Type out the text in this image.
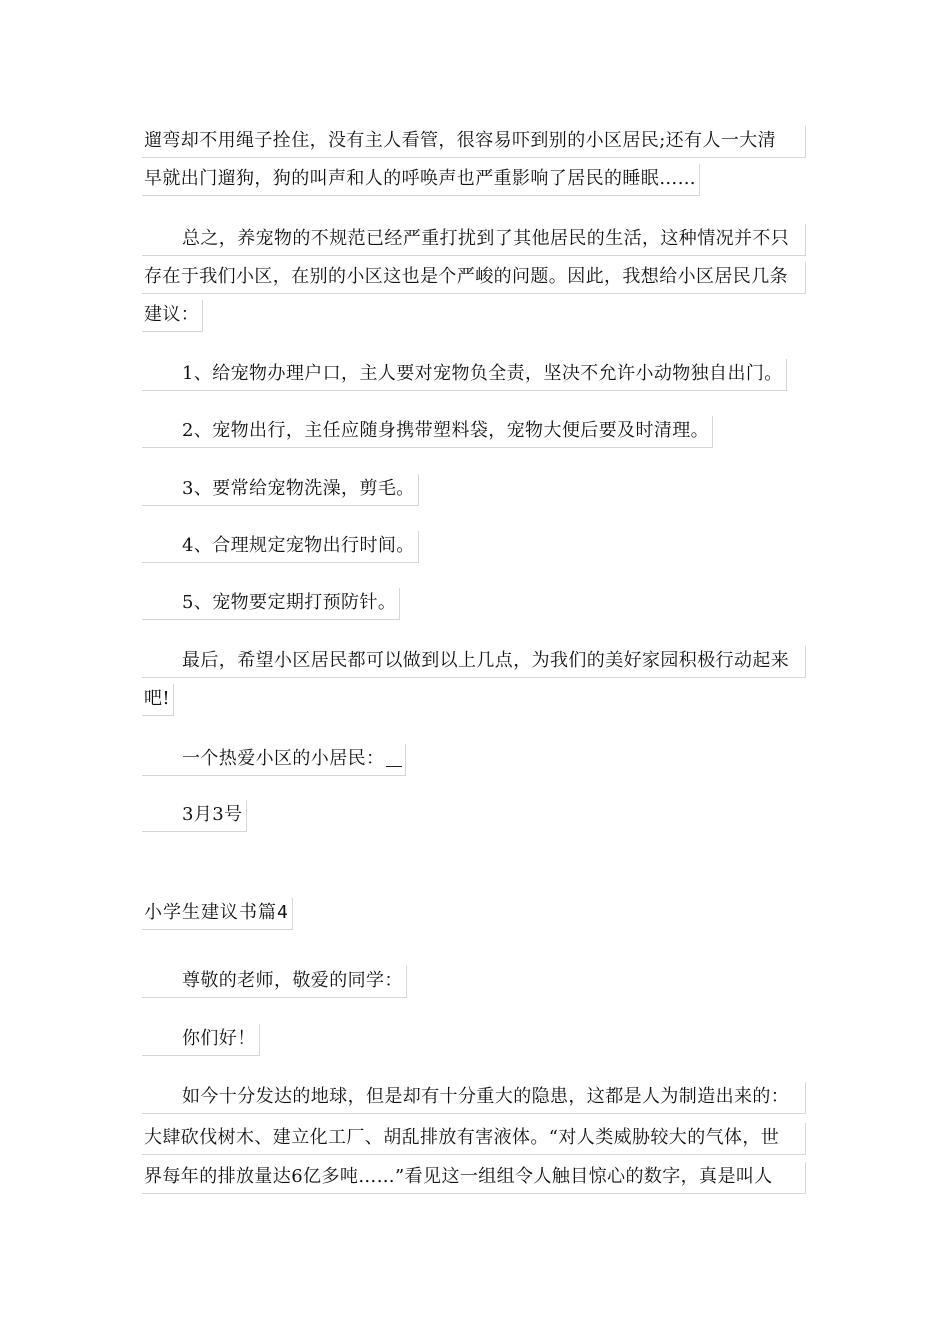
遛弯却不用绳子拴住，没有主人看管，很容易吓到别的小区居民;还有人一大清
早就出门遛狗，狗的叫声和人的呼唤声也严重影响了居民的睡眠……
总之，养宠物的不规范已经严重打扰到了其他居民的生活，这种情况并不只
存在于我们小区，在别的小区这也是个严峻的问题。因此，我想给小区居民几条
建议：
1、给宠物办理户口，主人要对宠物负全责，坚决不允许小动物独自出门。
2、宠物出行，主任应随身携带塑料袋，宠物大便后要及时清理。
3、要常给宠物洗澡，剪毛。
4、合理规定宠物出行时间。
5、宠物要定期打预防针。
最后，希望小区居民都可以做到以上几点，为我们的美好家园积极行动起来
吧!
一个热爱小区的小居民：
3月3号
小学生建议书篇4
尊敬的老师，敬爱的同学：
你们好！
如今十分发达的地球，但是却有十分重大的隐患，这都是人为制造出来的：
大肆砍伐树木、建立化工厂、胡乱排放有害液体。“对人类威胁较大的气体，世
界每年的排放量达6亿多吨……”看见这一组组令人触目惊心的数字，真是叫人
